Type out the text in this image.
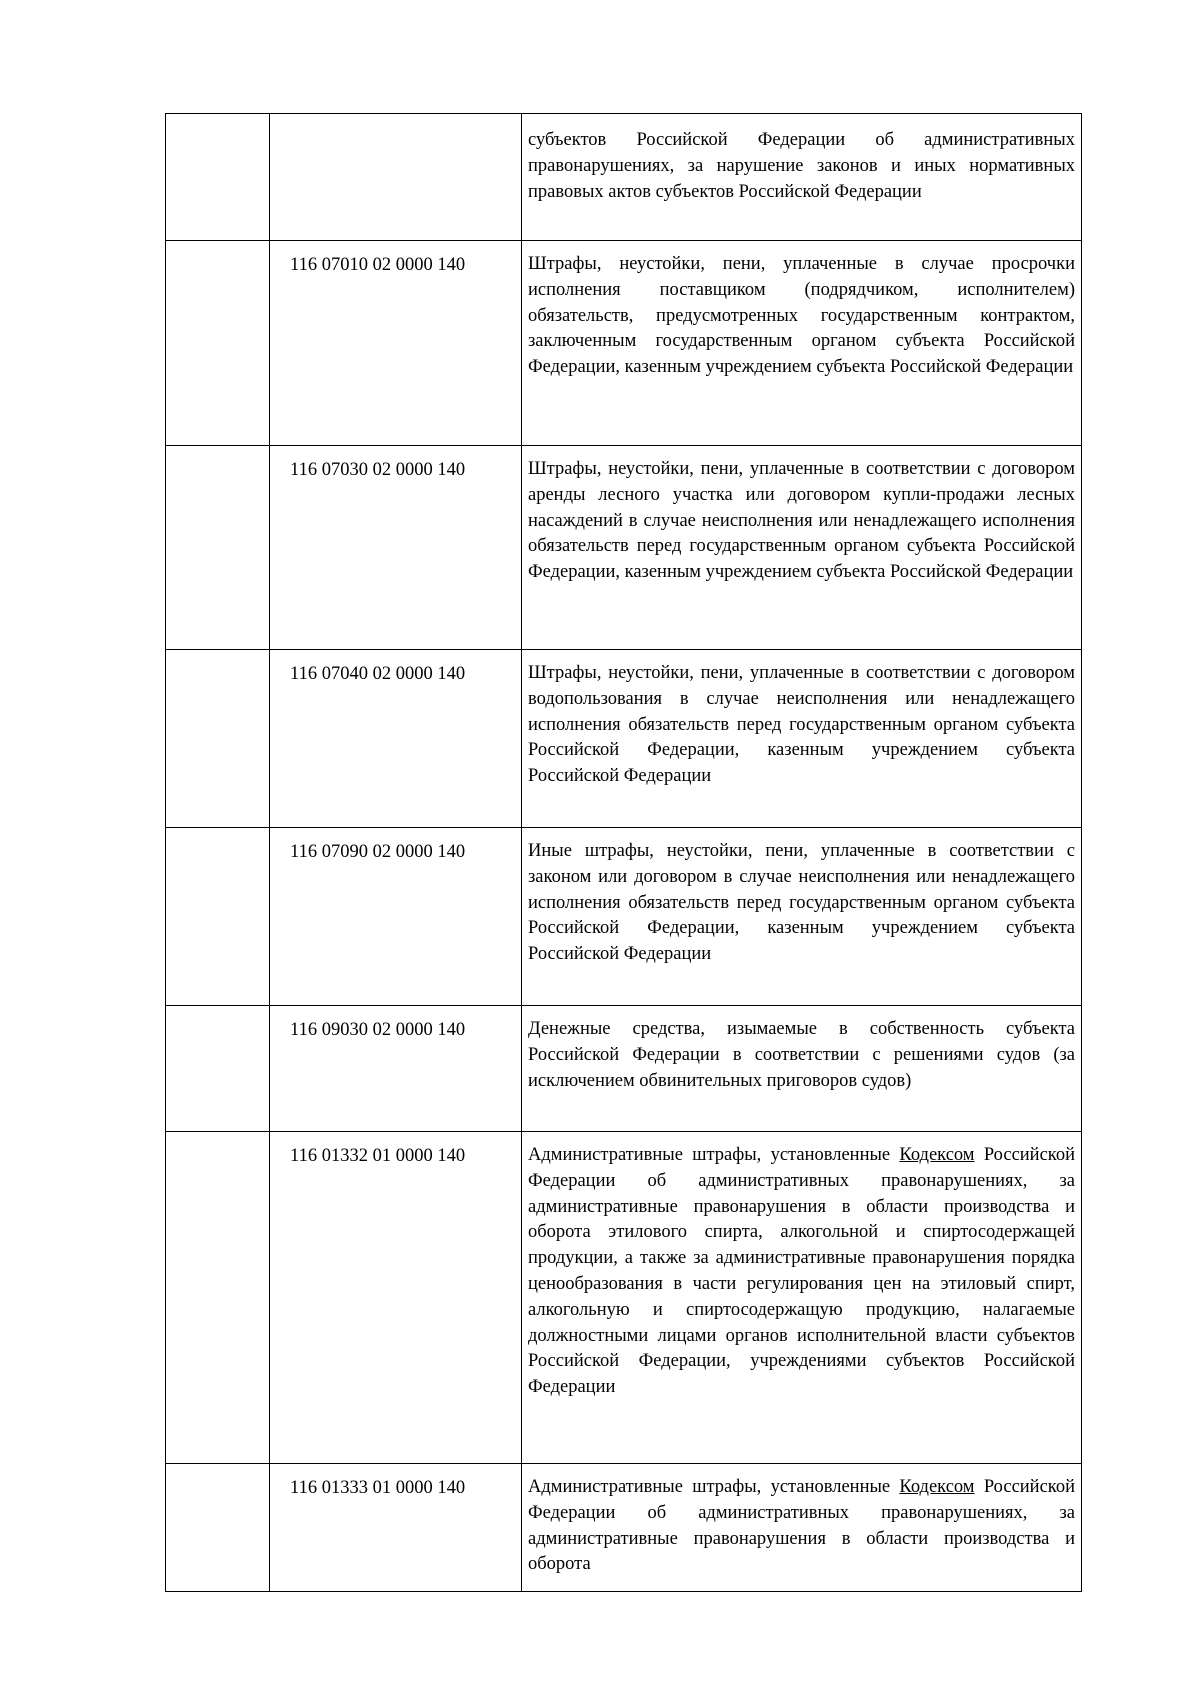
		субъектов Российской Федерации об административных правонарушениях, за нарушение законов и иных нормативных правовых актов субъектов Российской Федерации
	116 07010 02 0000 140	Штрафы, неустойки, пени, уплаченные в случае просрочки исполнения поставщиком (подрядчиком, исполнителем) обязательств, предусмотренных государственным контрактом, заключенным государственным органом субъекта Российской Федерации, казенным учреждением субъекта Российской Федерации
	116 07030 02 0000 140	Штрафы, неустойки, пени, уплаченные в соответствии с договором аренды лесного участка или договором купли-продажи лесных насаждений в случае неисполнения или ненадлежащего исполнения обязательств перед государственным органом субъекта Российской Федерации, казенным учреждением субъекта Российской Федерации
	116 07040 02 0000 140	Штрафы, неустойки, пени, уплаченные в соответствии с договором водопользования в случае неисполнения или ненадлежащего исполнения обязательств перед государственным органом субъекта Российской Федерации, казенным учреждением субъекта Российской Федерации
	116 07090 02 0000 140	Иные штрафы, неустойки, пени, уплаченные в соответствии с законом или договором в случае неисполнения или ненадлежащего исполнения обязательств перед государственным органом субъекта Российской Федерации, казенным учреждением субъекта Российской Федерации
	116 09030 02 0000 140	Денежные средства, изымаемые в собственность субъекта Российской Федерации в соответствии с решениями судов (за исключением обвинительных приговоров судов)
	116 01332 01 0000 140	Административные штрафы, установленные Кодексом Российской Федерации об административных правонарушениях, за административные правонарушения в области производства и оборота этилового спирта, алкогольной и спиртосодержащей продукции, а также за административные правонарушения порядка ценообразования в части регулирования цен на этиловый спирт, алкогольную и спиртосодержащую продукцию, налагаемые должностными лицами органов исполнительной власти субъектов Российской Федерации, учреждениями субъектов Российской Федерации
	116 01333 01 0000 140	Административные штрафы, установленные Кодексом Российской Федерации об административных правонарушениях, за административные правонарушения в области производства и оборота
